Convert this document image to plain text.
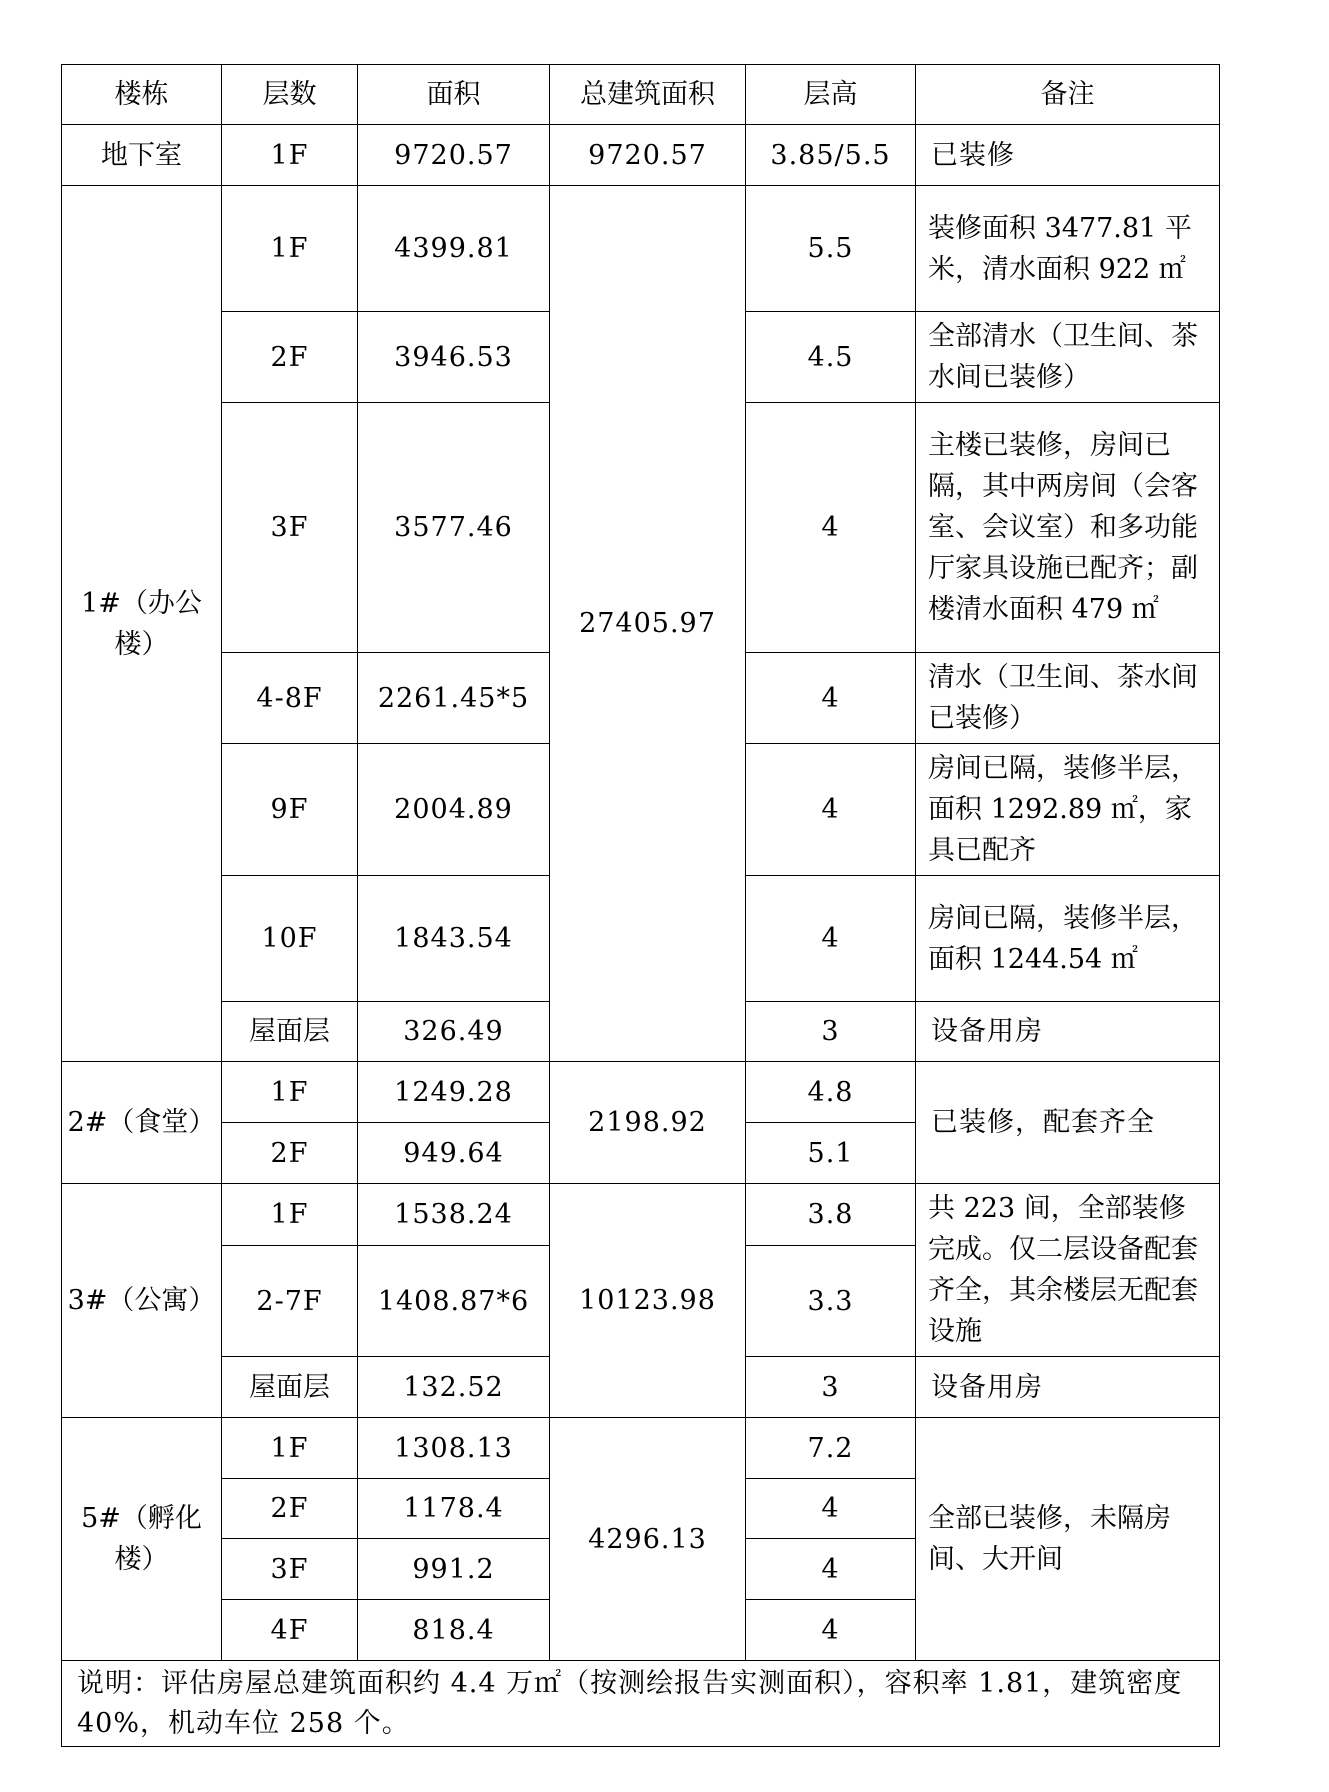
楼栋	层数	面积	总建筑面积	层高	备注
地下室	1F	9720.57	9720.57	3.85/5.5	已装修
1#（办公楼）	1F	4399.81	27405.97	5.5	装修面积 3477.81 平米，清水面积 922 ㎡
	2F	3946.53		4.5	全部清水（卫生间、茶水间已装修）
	3F	3577.46		4	主楼已装修，房间已隔，其中两房间（会客室、会议室）和多功能厅家具设施已配齐；副楼清水面积 479 ㎡
	4-8F	2261.45*5		4	清水（卫生间、茶水间已装修）
	9F	2004.89		4	房间已隔，装修半层，面积 1292.89 ㎡，家具已配齐
	10F	1843.54		4	房间已隔，装修半层，面积 1244.54 ㎡
	屋面层	326.49		3	设备用房
2#（食堂）	1F	1249.28	2198.92	4.8	已装修，配套齐全
	2F	949.64		5.1	
3#（公寓）	1F	1538.24	10123.98	3.8	共 223 间，全部装修完成。仅二层设备配套齐全，其余楼层无配套设施
	2-7F	1408.87*6		3.3	
	屋面层	132.52		3	设备用房
5#（孵化楼）	1F	1308.13	4296.13	7.2	全部已装修，未隔房间、大开间
	2F	1178.4		4	
	3F	991.2		4	
	4F	818.4		4	
说明：评估房屋总建筑面积约 4.4 万㎡（按测绘报告实测面积），容积率 1.81，建筑密度 40%，机动车位 258 个。					
